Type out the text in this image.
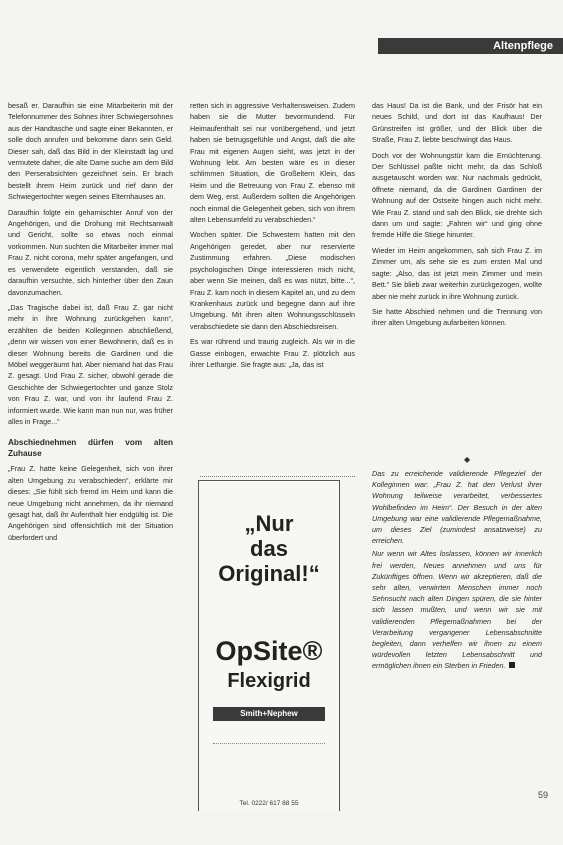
Altenpflege

besaß er. Daraufhin sie eine Mitarbeiterin mit der Telefonnummer des Sohnes ihrer Schwiegersohnes aus der Handtasche und sagte einer Bekannten, er solle doch anrufen und bekomme dann sein Geld. Dieser sah, daß das Bild in der Kleinstadt lag und vermutete daher, die alte Dame suche am dem Bild den Perserabsichten gezeichnet sein. Er brach bestellt ihrem Heim zurück und rief dann der Schwiegertochter wegen seines Elternhauses an.

Daraufhin folgte ein geharnischter Anruf von der Angehörigen, und die Drohung mit Rechtsanwalt und Gericht, sollte so etwas noch einmal vorkommen. Nun suchten die Mitarbeiter immer mal Frau Z. nicht corona, mehr später angefangen, und es verwendete eigentlich verstanden, daß sie daraufhin versuchte, sich hinterher über den Zaun davonzumachen.

„Das Tragische dabei ist, daß Frau Z. gar nicht mehr in ihre Wohnung zurückgehen kann“, erzählten die beiden Kolleginnen abschließend, „denn wir wissen von einer Bewohnerin, daß es in dieser Wohnung bereits die Gardinen und die Möbel weggeräumt hat. Aber niemand hat das Frau Z. gesagt. Und Frau Z. sicher, obwohl gerade die Geschichte der Schwiegertochter und ganze Stolz von Frau Z. war, und von ihr laufend Frau Z. informiert wurde. Wie kann man nun nur, was früher alles in Frage...“

Abschiednehmen dürfen vom alten Zuhause

„Frau Z. hatte keine Gelegenheit, sich von ihrer alten Umgebung zu verabschieden“, erklärte mir dieses: „Sie fühlt sich fremd im Heim und kann die neue Umgebung nicht annehmen, da ihr niemand gesagt hat, daß ihr Aufenthalt hier endgültig ist. Die Angehörigen sind offensichtlich mit der Situation überfordert und

retten sich in aggressive Verhaltensweisen. Zudem haben sie die Mutter bevormundend. Für Heimaufenthalt sei nur vorübergehend, und jetzt haben sie betrugsgefühle und Angst, daß die alte Frau mit eigenen Augen sieht, was jetzt in der Wohnung lebt. Am besten wäre es in dieser schlimmen Situation, die Großeltern Klein, das Heim und die Betreuung von Frau Z. ebenso mit dem Weg, erst. Außerdem sollten die Angehörigen noch einmal die Gelegenheit geben, sich von ihrem alten Lebensumfeld zu verabschieden.“

Wochen später. Die Schwestern hatten mit den Angehörigen geredet, aber nur reservierte Zustimmung erfahren. „Diese modischen psychologischen Dinge interessieren mich nicht, aber wenn Sie meinen, daß es was nützt, bitte...“, Frau Z. kam noch in diesem Kapitel an, und zu dem Krankenhaus zurück und begegne dann auf ihre Umgebung. Mit ihren alten Wohnungsschlüsseln verabschiedete sie dann den Abschiedsreisen.

Es war rührend und traurig zugleich. Als wir in die Gasse einbogen, erwachte Frau Z. plötzlich aus ihrer Lethargie. Sie fragte aus: „Ja, das ist

das Haus! Da ist die Bank, und der Frisör hat ein neues Schild, und dort ist das Kaufhaus! Der Grünstreifen ist größer, und der Blick über die Straße, Frau Z. liebte beschwingt das Haus.

Doch vor der Wohnungstür kam die Ernüchterung. Der Schlüssel paßte nicht mehr, da das Schloß ausgetauscht worden war. Nur nachmals gedrückt, öffnete niemand, da die Gardinen Gardinen der Wohnung auf der Ostseite hingen auch nicht mehr. Wie Frau Z. stand und sah den Blick, sie drehte sich dann um und sagte: „Fahren wir“ und ging ohne fremde Hilfe die Stiege hinunter.

Wieder im Heim angekommen, sah sich Frau Z. im Zimmer um, als sehe sie es zum ersten Mal und sagte: „Also, das ist jetzt mein Zimmer und mein Bett.“ Sie blieb zwar weiterhin zurückgezogen, wollte aber nie mehr zurück in ihre Wohnung zurück.

Sie hatte Abschied nehmen und die Trennung von ihrer alten Umgebung aufarbeiten können.

◆

Das zu erreichende validierende Pflegeziel der Kolleginnen war: „Frau Z. hat den Verlust ihrer Wohnung teilweise verarbeitet, verbessertes Wohlbefinden im Heim“. Der Besuch in der alten Umgebung war eine validierende Pflegemaßnahme, um dieses Ziel (zumindest ansatzweise) zu erreichen.

Nur wenn wir Altes loslassen, können wir innerlich frei werden, Neues annehmen und uns für Zukünftiges öffnen. Wenn wir akzeptieren, daß die sehr alten, verwirrten Menschen immer noch Sehnsucht nach alten Dingen spüren, die sie hinter sich lassen mußten, und wenn wir sie mit validierenden Pflegemaßnahmen bei der Verarbeitung vergangener Lebensabschnitte begleiten, dann verhelfen wir ihnen zu einem würdevollen letzten Lebensabschnitt und ermöglichen ihnen ein Sterben in Frieden.

„Nur
das
Original!“
OpSite®
Flexigrid
Smith+Nephew
Tel. 0222/ 617 88 55
59
